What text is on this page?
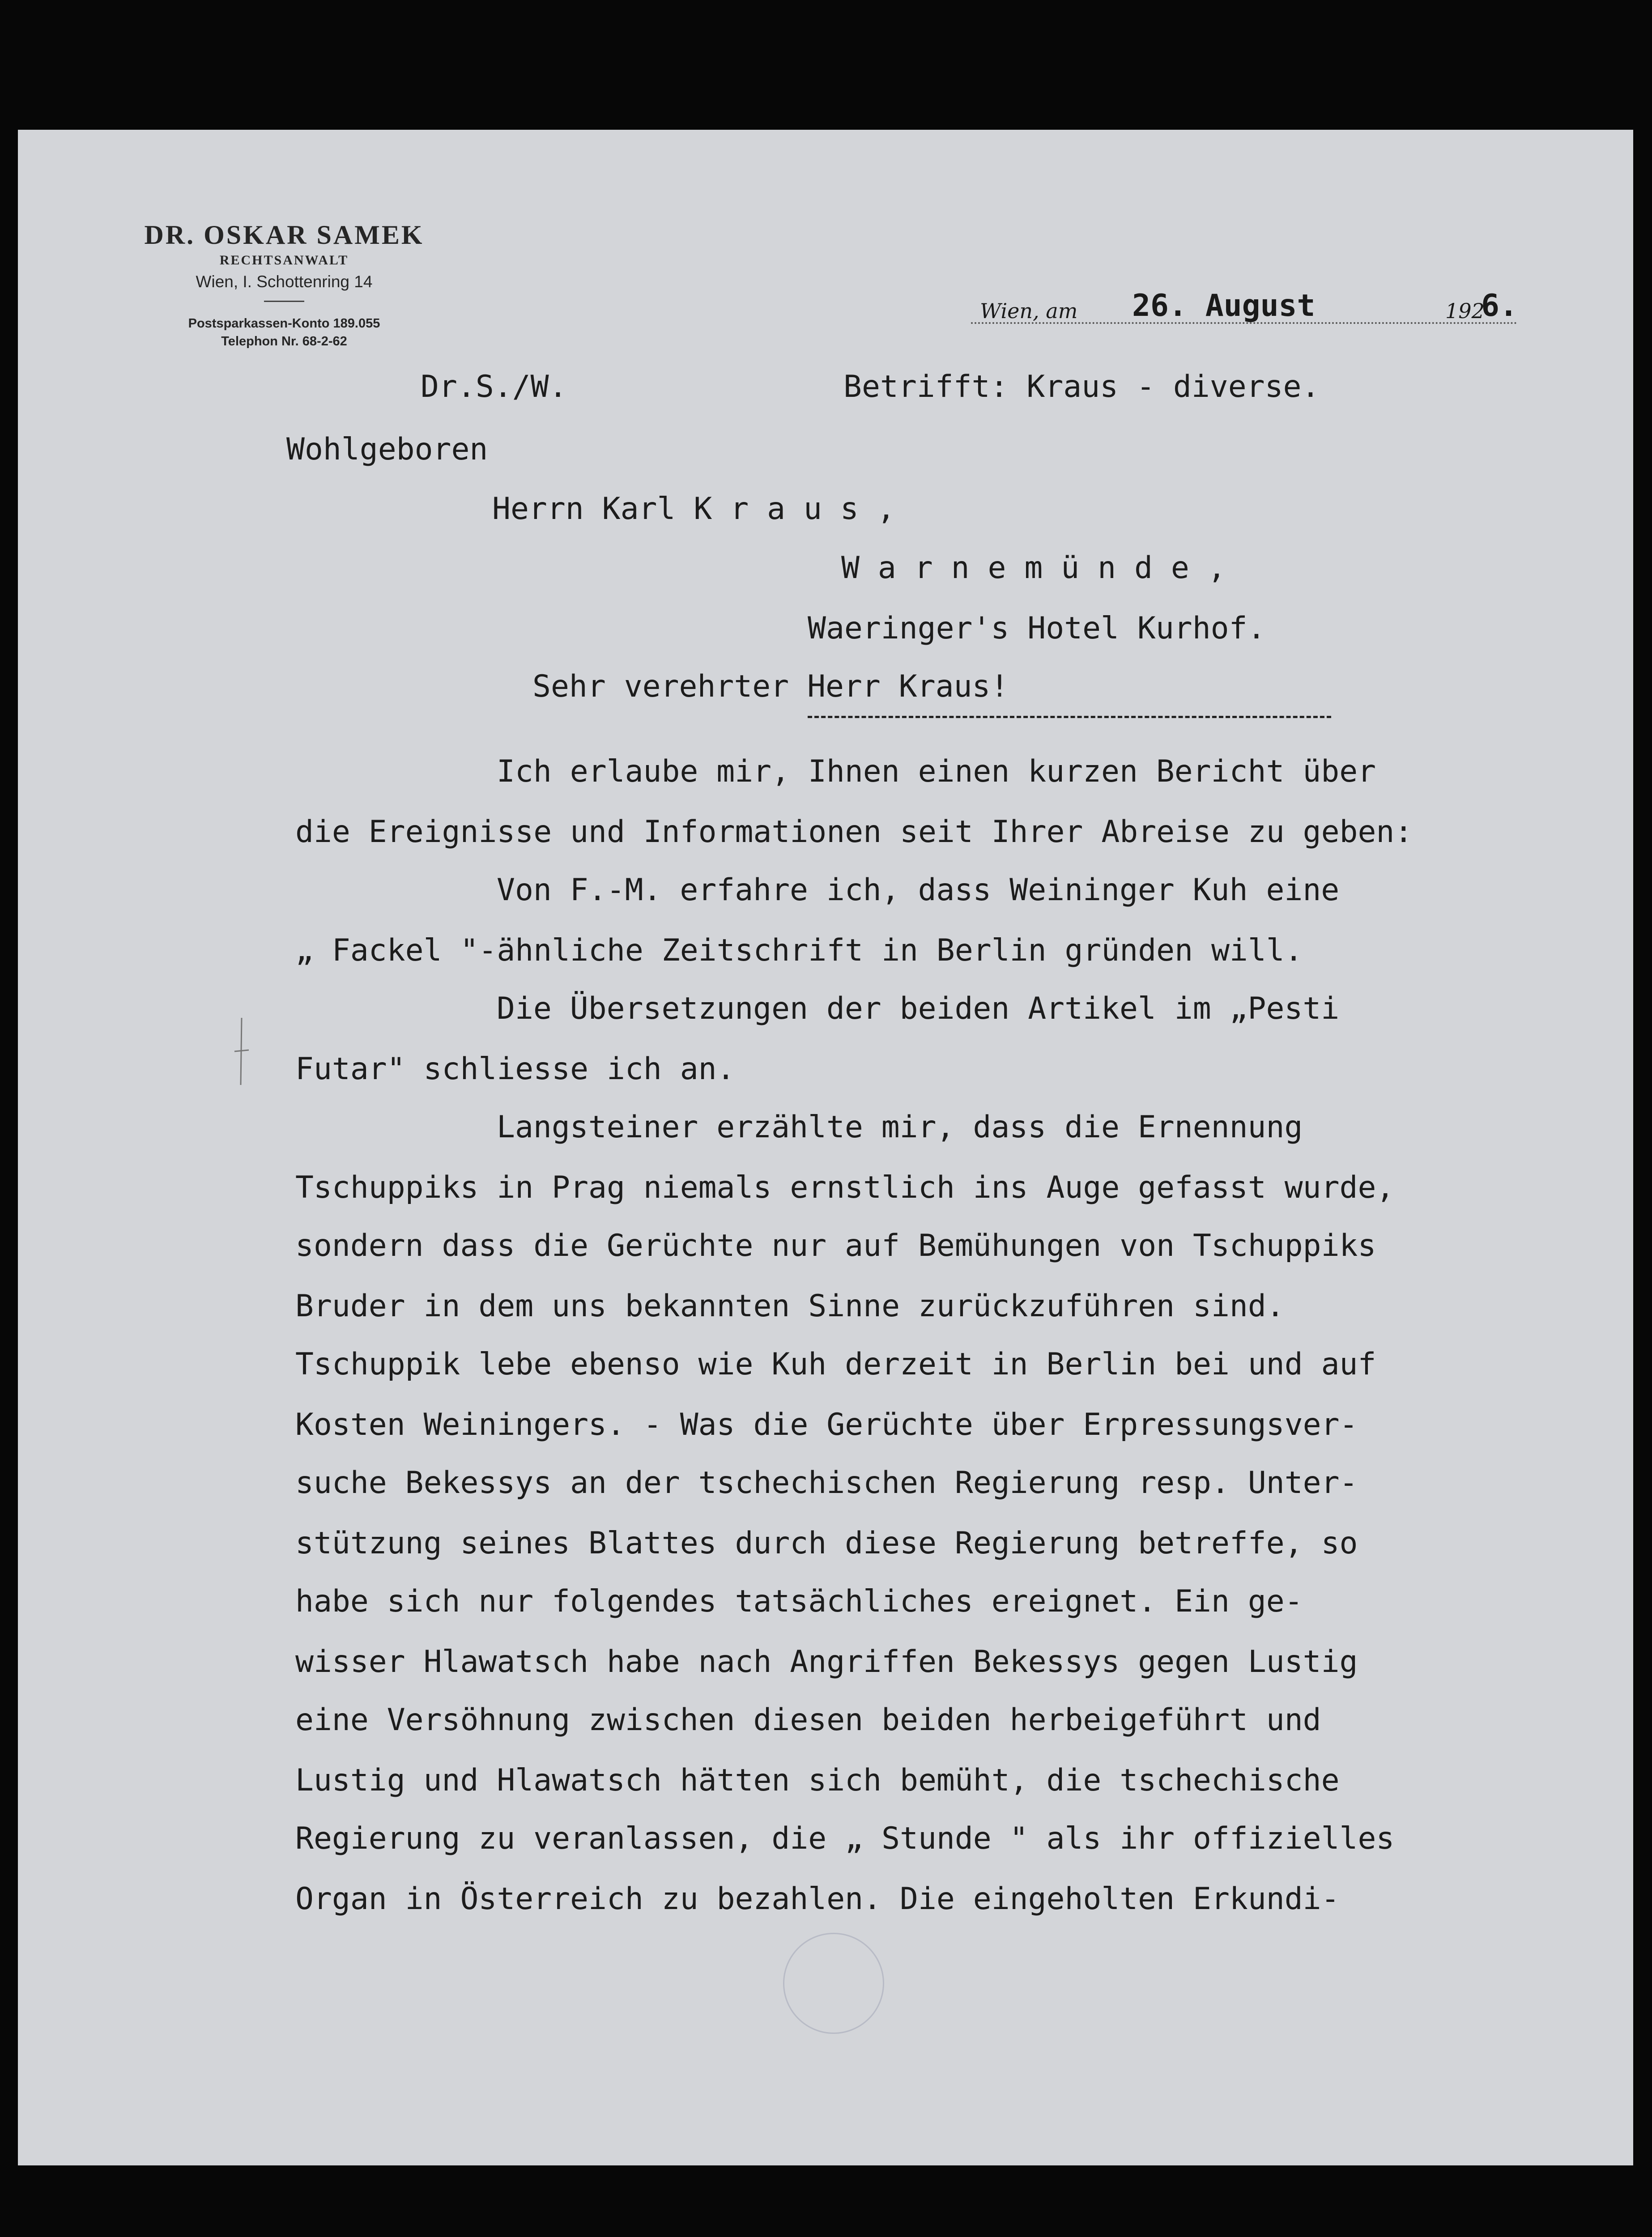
DR. OSKAR SAMEK
RECHTSANWALT
Wien, I. Schottenring 14
Postsparkassen-Konto 189.055
Telephon Nr. 68-2-62
Wien, am 26. August	192
6.
Dr.S./W.	Betrifft: Kraus - diverse.
Wohlgeboren
Herrn Karl K r a u s ,
W a r n e m ü n d e ,
Waeringer's Hotel Kurhof.
Sehr verehrter Herr Kraus!
Ich erlaube mir, Ihnen einen kurzen Bericht über
die Ereignisse und Informationen seit Ihrer Abreise zu geben:
Von F.-M. erfahre ich, dass Weininger Kuh eine
„ Fackel "-ähnliche Zeitschrift in Berlin gründen will.
Die Übersetzungen der beiden Artikel im „Pesti
Futar" schliesse ich an.
Langsteiner erzählte mir, dass die Ernennung
Tschuppiks in Prag niemals ernstlich ins Auge gefasst wurde,
sondern dass die Gerüchte nur auf Bemühungen von Tschuppiks
Bruder in dem uns bekannten Sinne zurückzuführen sind.
Tschuppik lebe ebenso wie Kuh derzeit in Berlin bei und auf
Kosten Weiningers. - Was die Gerüchte über Erpressungsver-
suche Bekessys an der tschechischen Regierung resp. Unter-
stützung seines Blattes durch diese Regierung betreffe, so
habe sich nur folgendes tatsächliches ereignet. Ein ge-
wisser Hlawatsch habe nach Angriffen Bekessys gegen Lustig
eine Versöhnung zwischen diesen beiden herbeigeführt und
Lustig und Hlawatsch hätten sich bemüht, die tschechische
Regierung zu veranlassen, die „ Stunde " als ihr offizielles
Organ in Österreich zu bezahlen. Die eingeholten Erkundi-
